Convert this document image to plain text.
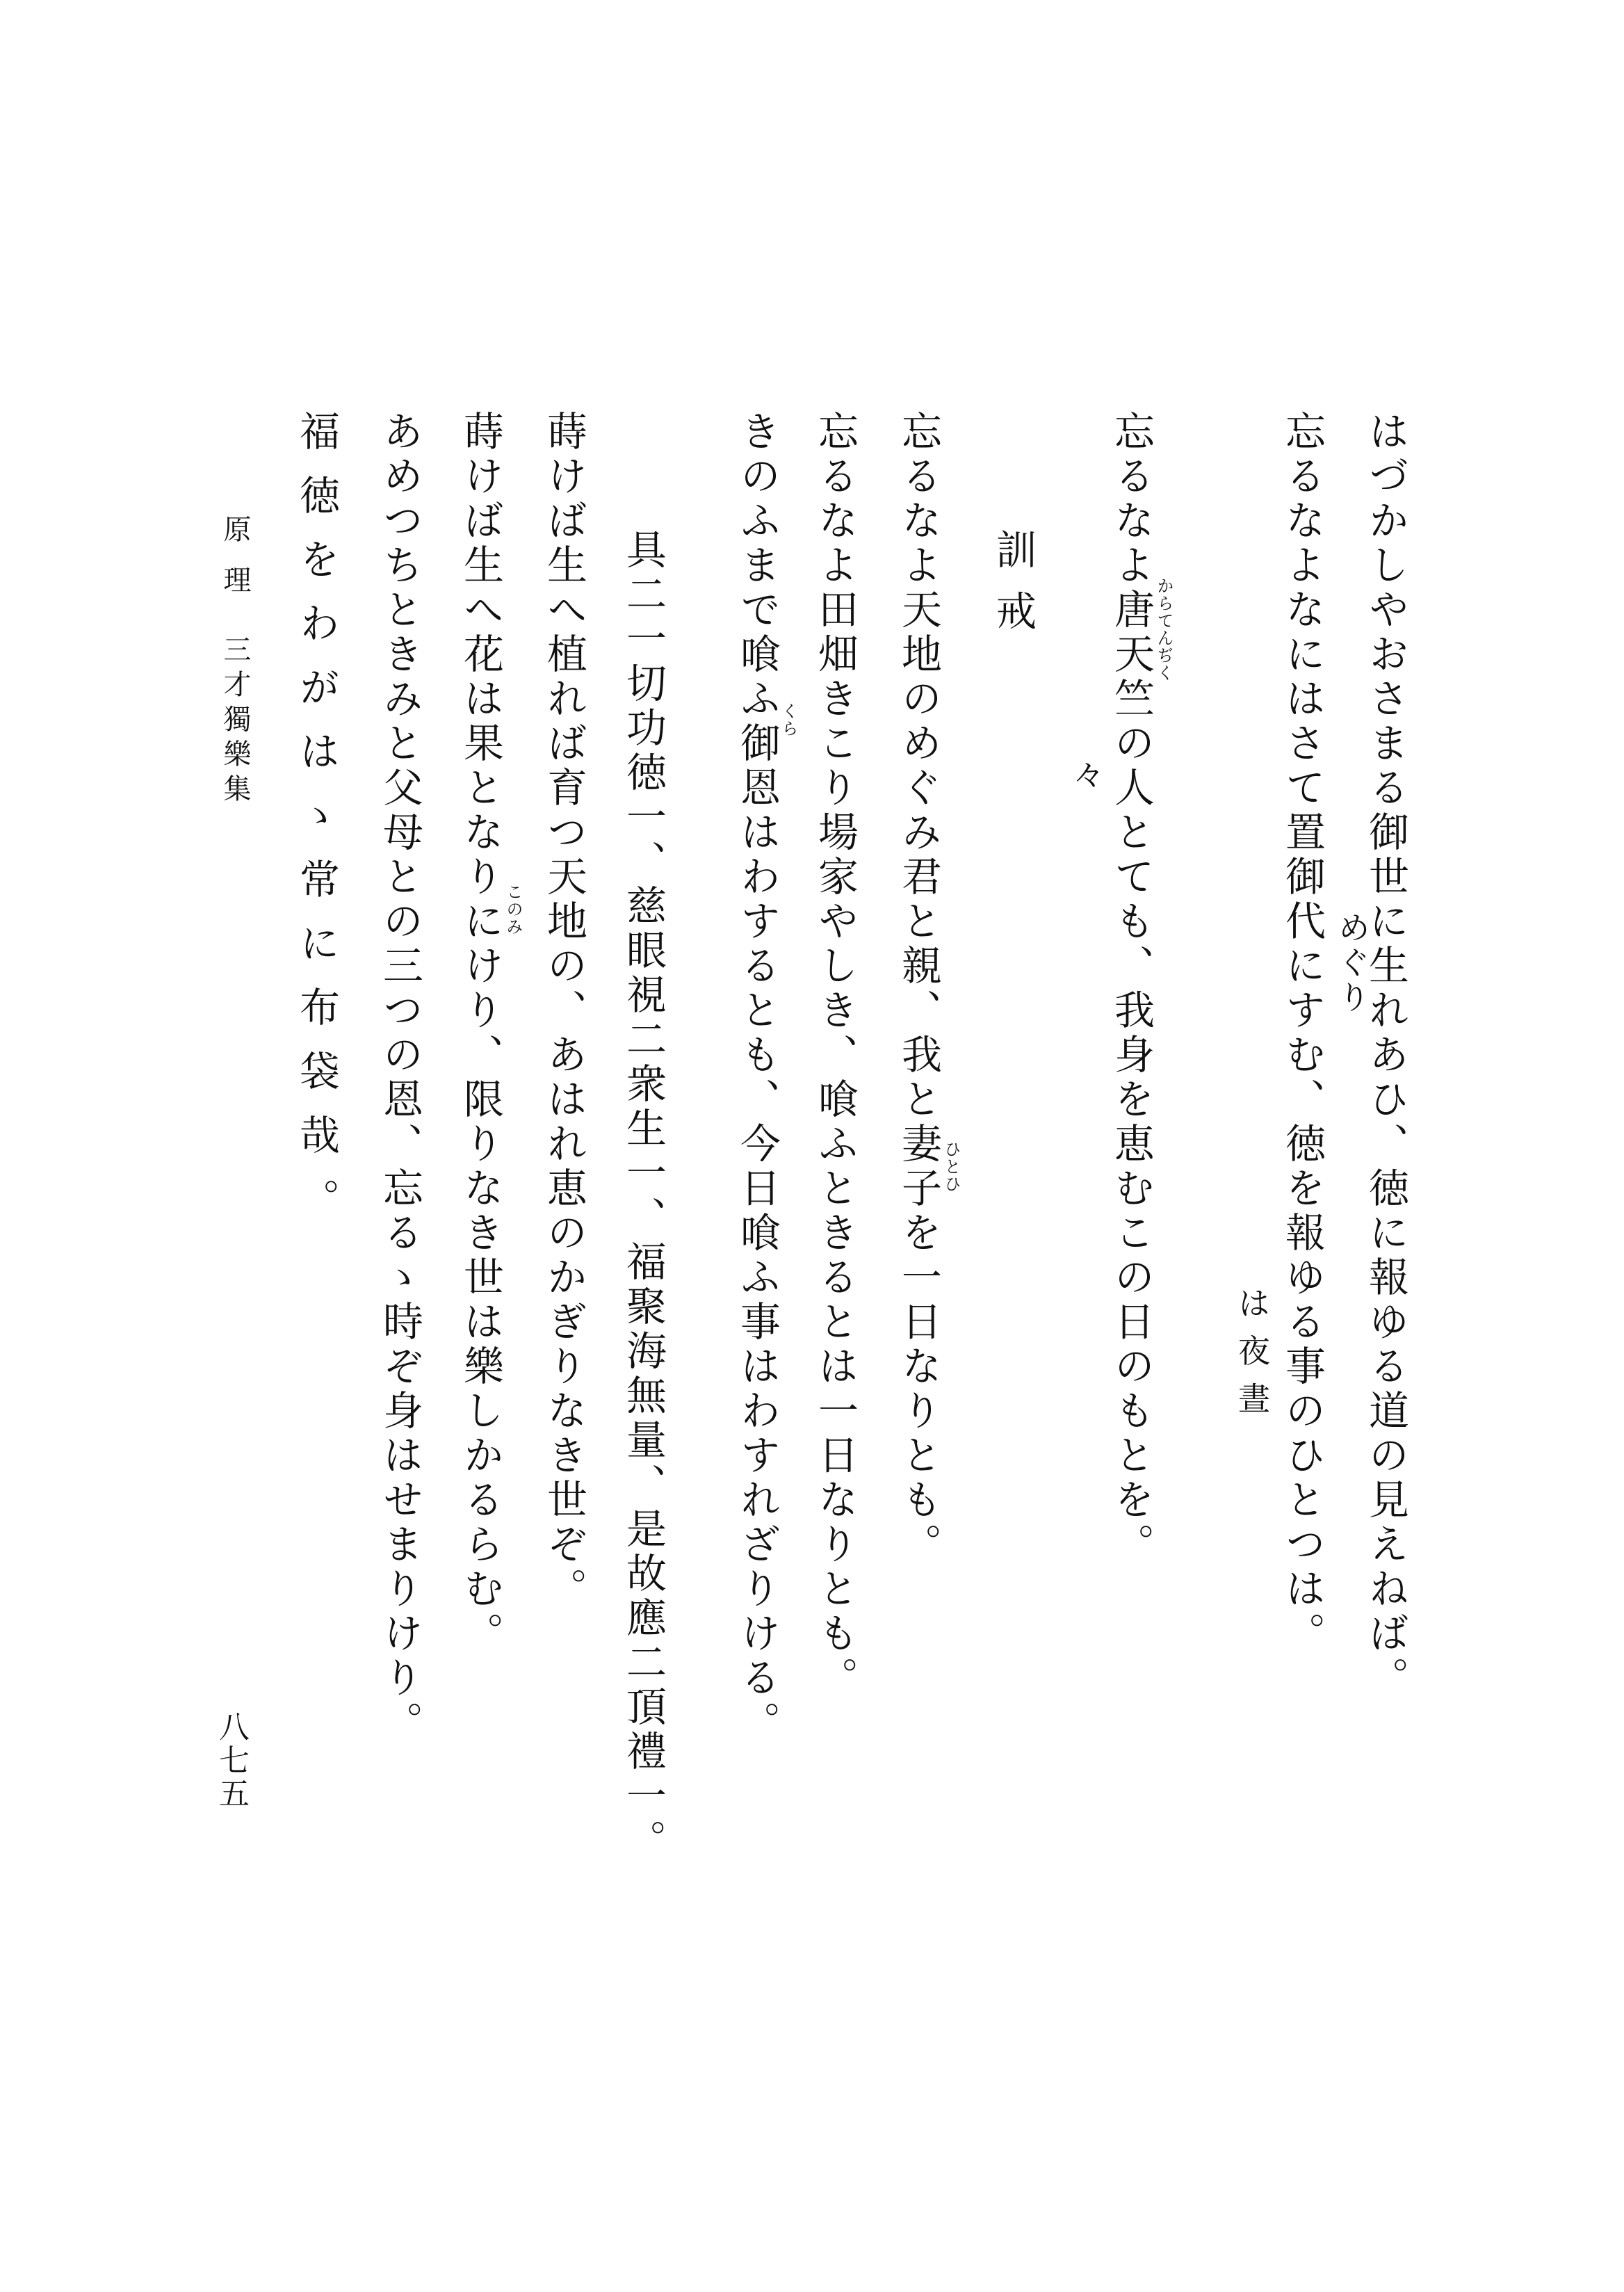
はづかしやおさまる御世に生れあひ、徳に報ゆる道の見えねば。
めぐり
忘るなよなにはさて置御代にすむ、徳を報ゆる事のひとつは。
は 夜 晝
忘るなよ唐天竺の人とても、我身を恵むこの日のもとを。 からてんぢく
々
訓 戒
忘るなよ天地のめぐみ君と親、我と妻子を一日なりとも。 ひとひ
忘るなよ田畑きこり場家やしき、喰ふときるとは一日なりとも。
きのふまで喰ふ御恩はわするとも、今日喰ふ事はわすれざりける。
くら
具二一切功徳一、慈眼視二衆生一、福聚海無量、是故應二頂禮一。
蒔けば生へ植れば育つ天地の、あはれ恵のかぎりなき世ぞ。
蒔けば生へ花は果となりにけり、限りなき世は樂しかるらむ。 このみ
あめつちときみと父母との三つの恩、忘るゝ時ぞ身はせまりけり。
福徳をわがはゝ常に布袋哉。
原 理　三才獨樂集
八七五
